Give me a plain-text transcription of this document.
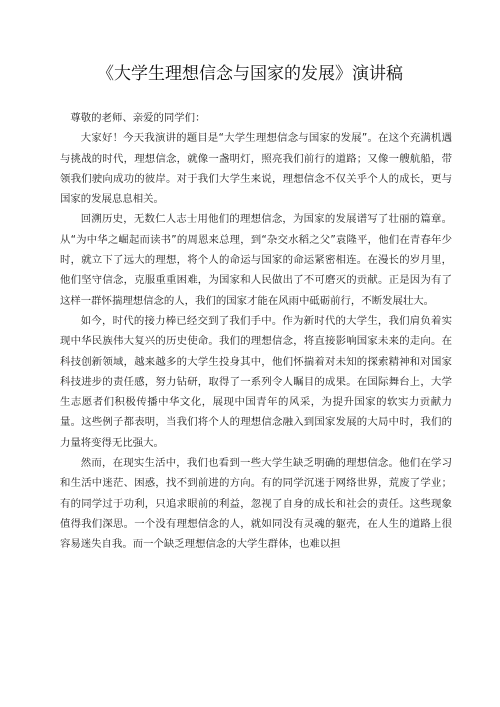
《大学生理想信念与国家的发展》演讲稿

尊敬的老师、亲爱的同学们：

大家好！今天我演讲的题目是“大学生理想信念与国家的发展”。在这个充满机遇与挑战的时代，理想信念，就像一盏明灯，照亮我们前行的道路；又像一艘航船，带领我们驶向成功的彼岸。对于我们大学生来说，理想信念不仅关乎个人的成长，更与国家的发展息息相关。

回溯历史，无数仁人志士用他们的理想信念，为国家的发展谱写了壮丽的篇章。从“为中华之崛起而读书”的周恩来总理，到“杂交水稻之父”袁隆平，他们在青春年少时，就立下了远大的理想，将个人的命运与国家的命运紧密相连。在漫长的岁月里，他们坚守信念，克服重重困难，为国家和人民做出了不可磨灭的贡献。正是因为有了这样一群怀揣理想信念的人，我们的国家才能在风雨中砥砺前行，不断发展壮大。

如今，时代的接力棒已经交到了我们手中。作为新时代的大学生，我们肩负着实现中华民族伟大复兴的历史使命。我们的理想信念，将直接影响国家未来的走向。在科技创新领域，越来越多的大学生投身其中，他们怀揣着对未知的探索精神和对国家科技进步的责任感，努力钻研，取得了一系列令人瞩目的成果。在国际舞台上，大学生志愿者们积极传播中华文化，展现中国青年的风采，为提升国家的软实力贡献力量。这些例子都表明，当我们将个人的理想信念融入到国家发展的大局中时，我们的力量将变得无比强大。

然而，在现实生活中，我们也看到一些大学生缺乏明确的理想信念。他们在学习和生活中迷茫、困惑，找不到前进的方向。有的同学沉迷于网络世界，荒废了学业；有的同学过于功利，只追求眼前的利益，忽视了自身的成长和社会的责任。这些现象值得我们深思。一个没有理想信念的人，就如同没有灵魂的躯壳，在人生的道路上很容易迷失自我。而一个缺乏理想信念的大学生群体，也难以担
